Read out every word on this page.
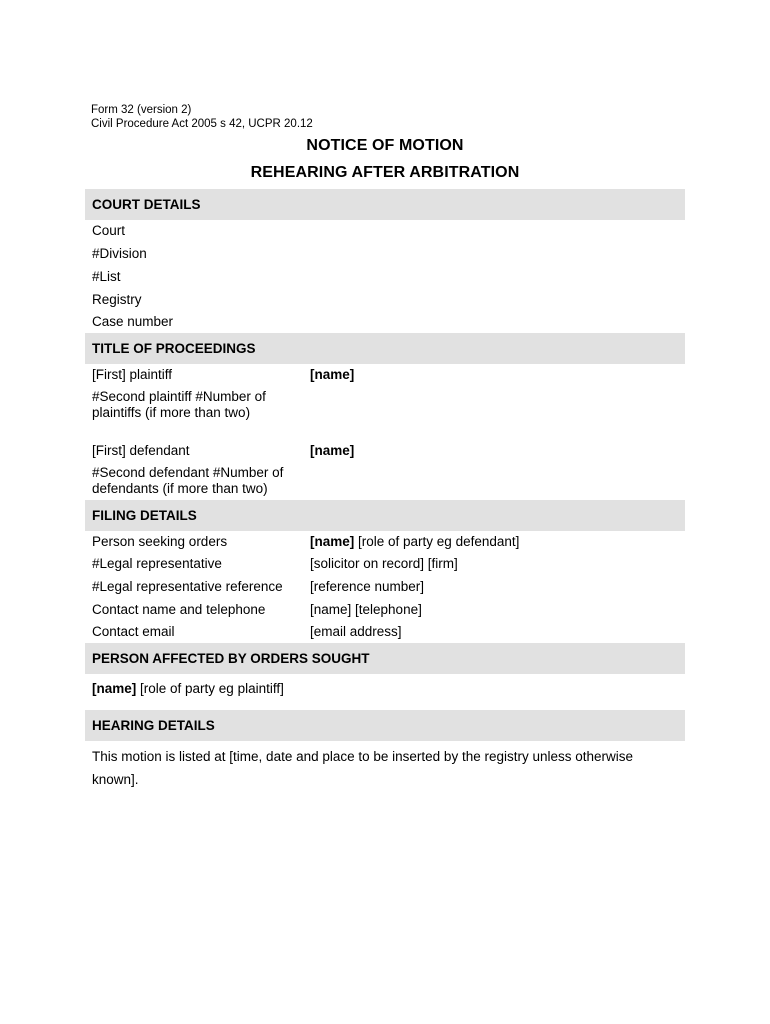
Form 32 (version 2)
Civil Procedure Act 2005 s 42, UCPR 20.12
NOTICE OF MOTION
REHEARING AFTER ARBITRATION
COURT DETAILS
Court
#Division
#List
Registry
Case number
TITLE OF PROCEEDINGS
[First] plaintiff	[name]
#Second plaintiff #Number of
plaintiffs (if more than two)
[First] defendant	[name]
#Second defendant #Number of
defendants (if more than two)
FILING DETAILS
Person seeking orders	[name] [role of party eg defendant]
#Legal representative	[solicitor on record] [firm]
#Legal representative reference [reference number]
Contact name and telephone	[name] [telephone]
Contact email	[email address]
PERSON AFFECTED BY ORDERS SOUGHT
[name] [role of party eg plaintiff]
HEARING DETAILS
This motion is listed at [time, date and place to be inserted by the registry unless otherwise known].
